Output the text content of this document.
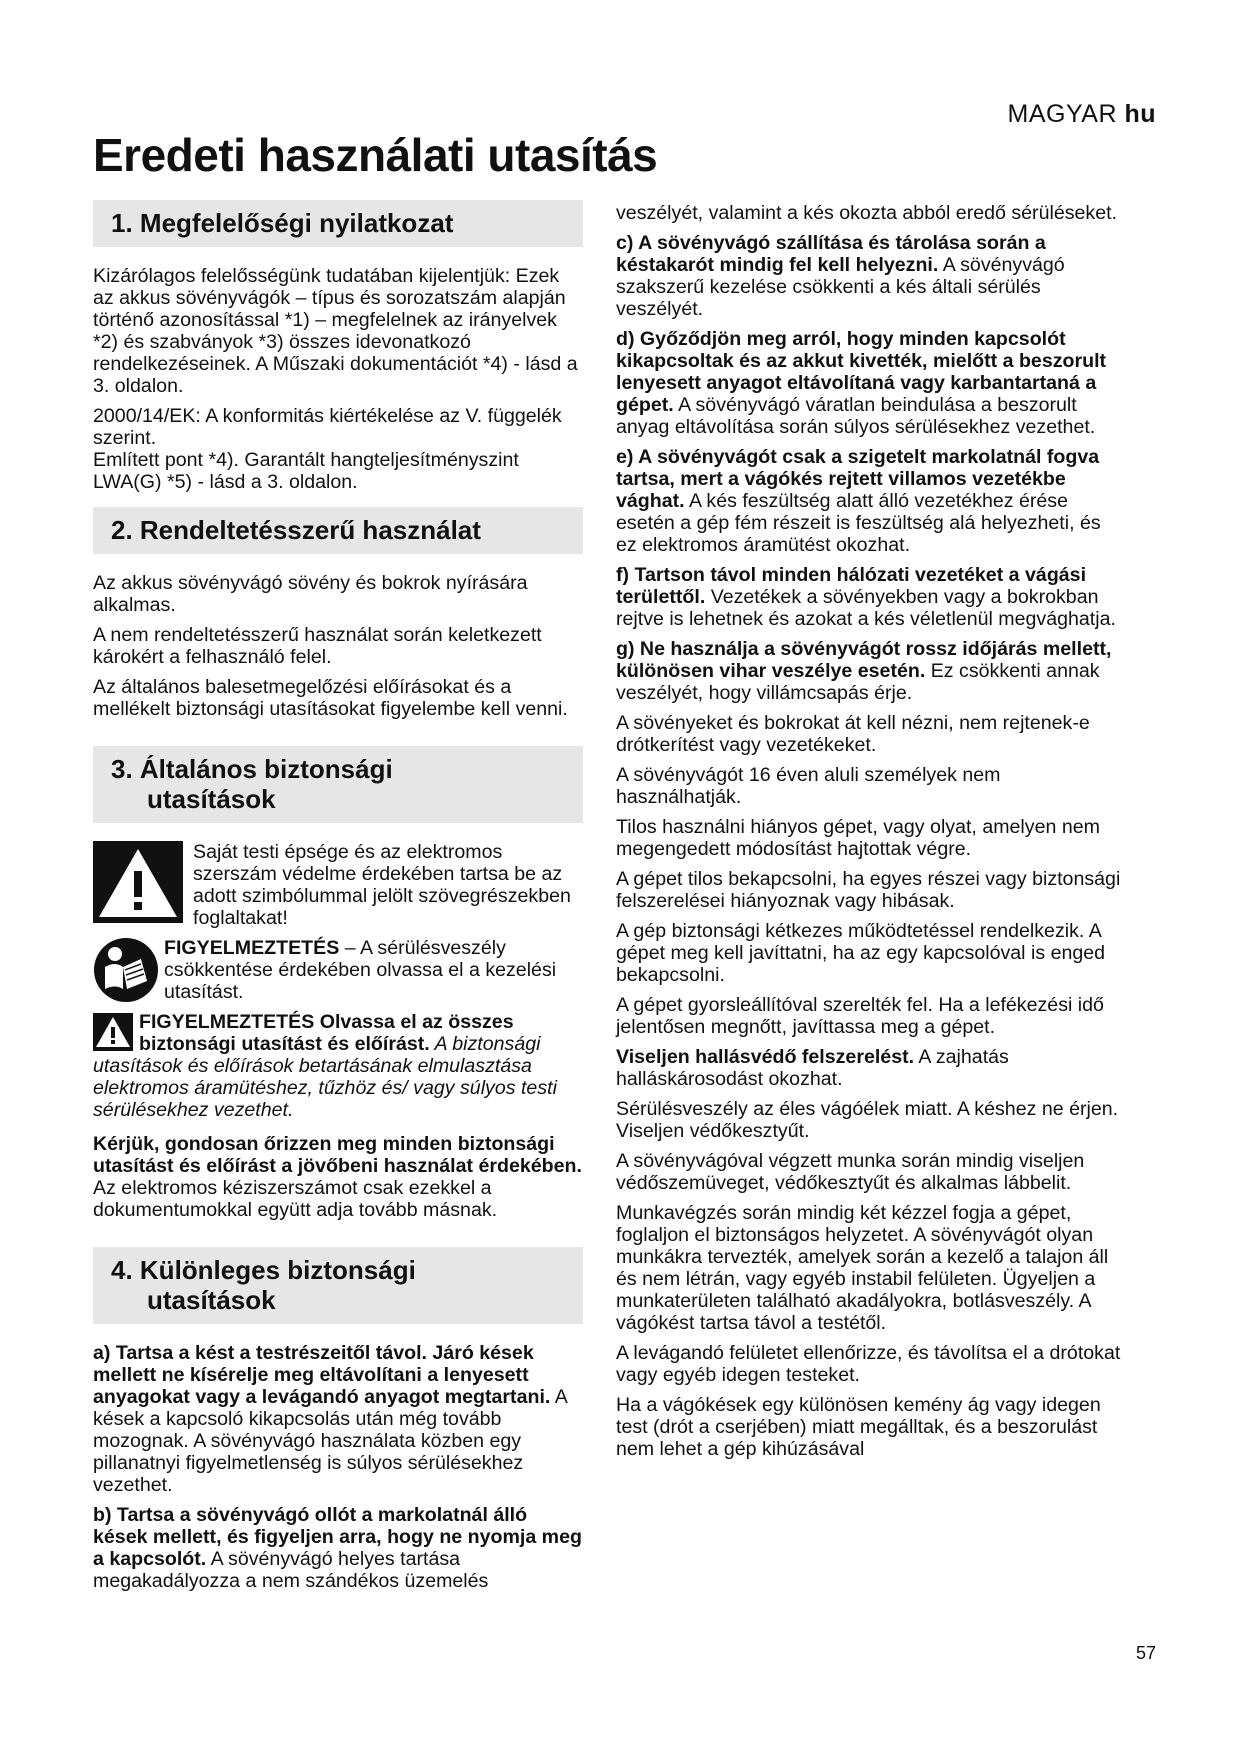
MAGYAR hu
Eredeti használati utasítás
1. Megfelelőségi nyilatkozat

Kizárólagos felelősségünk tudatában kijelentjük: Ezek az akkus sövényvágók – típus és sorozatszám alapján történő azonosítással *1) – megfelelnek az irányelvek *2) és szabványok *3) összes idevonatkozó rendelkezéseinek. A Műszaki dokumentációt *4) - lásd a 3. oldalon.

2000/14/EK: A konformitás kiértékelése az V. függelék szerint.

Említett pont *4). Garantált hangteljesítményszint LWA(G) *5) - lásd a 3. oldalon.

2. Rendeltetésszerű használat

Az akkus sövényvágó sövény és bokrok nyírására alkalmas.

A nem rendeltetésszerű használat során keletkezett károkért a felhasználó felel.

Az általános balesetmegelőzési előírásokat és a mellékelt biztonsági utasításokat figyelembe kell venni.

3. Általános biztonsági
utasítások
Saját testi épsége és az elektromos szerszám védelme érdekében tartsa be az adott szimbólummal jelölt szövegrészekben foglaltakat!
FIGYELMEZTETÉS – A sérülésveszély csökkentése érdekében olvassa el a kezelési utasítást.

FIGYELMEZTETÉS Olvassa el az összes biztonsági utasítást és előírást. A biztonsági utasítások és előírások betartásának elmulasztása elektromos áramütéshez, tűzhöz és/ vagy súlyos testi sérülésekhez vezethet.

Kérjük, gondosan őrizzen meg minden biztonsági utasítást és előírást a jövőbeni használat érdekében.
Az elektromos kéziszerszámot csak ezekkel a dokumentumokkal együtt adja tovább másnak.

4. Különleges biztonsági
utasítások

a) Tartsa a kést a testrészeitől távol. Járó kések mellett ne kísérelje meg eltávolítani a lenyesett anyagokat vagy a levágandó anyagot megtartani. A kések a kapcsoló kikapcsolás után még tovább mozognak. A sövényvágó használata közben egy pillanatnyi figyelmetlenség is súlyos sérülésekhez vezethet.

b) Tartsa a sövényvágó ollót a markolatnál álló kések mellett, és figyeljen arra, hogy ne nyomja meg a kapcsolót. A sövényvágó helyes tartása megakadályozza a nem szándékos üzemelés

veszélyét, valamint a kés okozta abból eredő sérüléseket.

c) A sövényvágó szállítása és tárolása során a késtakarót mindig fel kell helyezni. A sövényvágó szakszerű kezelése csökkenti a kés általi sérülés veszélyét.

d) Győződjön meg arról, hogy minden kapcsolót kikapcsoltak és az akkut kivették, mielőtt a beszorult lenyesett anyagot eltávolítaná vagy karbantartaná a gépet. A sövényvágó váratlan beindulása a beszorult anyag eltávolítása során súlyos sérülésekhez vezethet.

e) A sövényvágót csak a szigetelt markolatnál fogva tartsa, mert a vágókés rejtett villamos vezetékbe vághat. A kés feszültség alatt álló vezetékhez érése esetén a gép fém részeit is feszültség alá helyezheti, és ez elektromos áramütést okozhat.

f) Tartson távol minden hálózati vezetéket a vágási területtől. Vezetékek a sövényekben vagy a bokrokban rejtve is lehetnek és azokat a kés véletlenül megvághatja.

g) Ne használja a sövényvágót rossz időjárás mellett, különösen vihar veszélye esetén. Ez csökkenti annak veszélyét, hogy villámcsapás érje.

A sövényeket és bokrokat át kell nézni, nem rejtenek-e drótkerítést vagy vezetékeket.

A sövényvágót 16 éven aluli személyek nem használhatják.

Tilos használni hiányos gépet, vagy olyat, amelyen nem megengedett módosítást hajtottak végre.

A gépet tilos bekapcsolni, ha egyes részei vagy biztonsági felszerelései hiányoznak vagy hibásak.

A gép biztonsági kétkezes működtetéssel rendelkezik. A gépet meg kell javíttatni, ha az egy kapcsolóval is enged bekapcsolni.

A gépet gyorsleállítóval szerelték fel. Ha a lefékezési idő jelentősen megnőtt, javíttassa meg a gépet.

Viseljen hallásvédő felszerelést. A zajhatás halláskárosodást okozhat.

Sérülésveszély az éles vágóélek miatt. A késhez ne érjen. Viseljen védőkesztyűt.

A sövényvágóval végzett munka során mindig viseljen védőszemüveget, védőkesztyűt és alkalmas lábbelit.

Munkavégzés során mindig két kézzel fogja a gépet, foglaljon el biztonságos helyzetet. A sövényvágót olyan munkákra tervezték, amelyek során a kezelő a talajon áll és nem létrán, vagy egyéb instabil felületen. Ügyeljen a munkaterületen található akadályokra, botlásveszély. A vágókést tartsa távol a testétől.

A levágandó felületet ellenőrizze, és távolítsa el a drótokat vagy egyéb idegen testeket.

Ha a vágókések egy különösen kemény ág vagy idegen test (drót a cserjében) miatt megálltak, és a beszorulást nem lehet a gép kihúzásával

57
